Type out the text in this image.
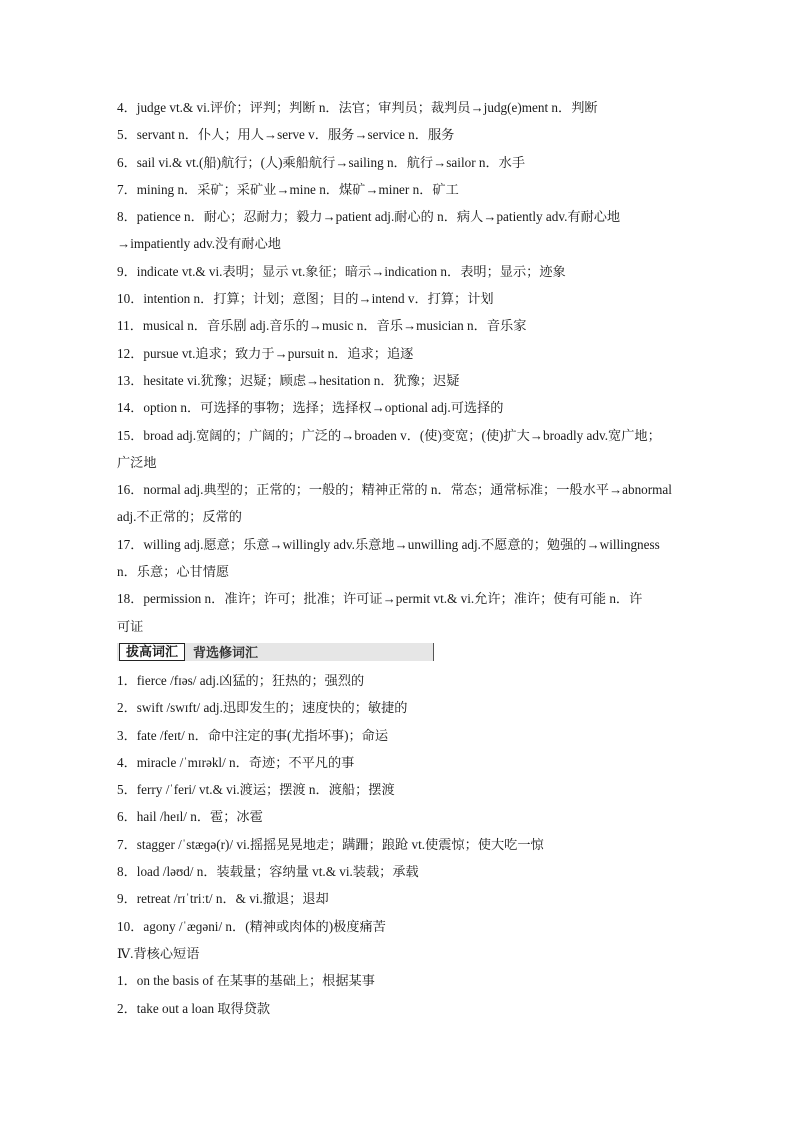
4．judge vt.& vi.评价；评判；判断 n．法官；审判员；裁判员→judg(e)ment n．判断
5．servant n．仆人；用人→serve v．服务→service n．服务
6．sail vi.& vt.(船)航行；(人)乘船航行→sailing n．航行→sailor n．水手
7．mining n．采矿；采矿业→mine n．煤矿→miner n．矿工
8．patience n．耐心；忍耐力；毅力→patient adj.耐心的 n．病人→patiently adv.有耐心地
→impatiently adv.没有耐心地
9．indicate vt.& vi.表明；显示 vt.象征；暗示→indication n．表明；显示；迹象
10．intention n．打算；计划；意图；目的→intend v．打算；计划
11．musical n．音乐剧 adj.音乐的→music n．音乐→musician n．音乐家
12．pursue vt.追求；致力于→pursuit n．追求；追逐
13．hesitate vi.犹豫；迟疑；顾虑→hesitation n．犹豫；迟疑
14．option n．可选择的事物；选择；选择权→optional adj.可选择的
15．broad adj.宽阔的；广阔的；广泛的→broaden v．(使)变宽；(使)扩大→broadly adv.宽广地；
广泛地
16．normal adj.典型的；正常的；一般的；精神正常的 n．常态；通常标准；一般水平→abnormal
adj.不正常的；反常的
17．willing adj.愿意；乐意→willingly adv.乐意地→unwilling adj.不愿意的；勉强的→willingness
n．乐意；心甘情愿
18．permission n．准许；许可；批准；许可证→permit vt.& vi.允许；准许；使有可能 n．许
可证
拔高词汇	背选修词汇
1．fierce /fɪəs/ adj.凶猛的；狂热的；强烈的
2．swift /swɪft/ adj.迅即发生的；速度快的；敏捷的
3．fate /feɪt/ n．命中注定的事(尤指坏事)；命运
4．miracle /ˈmɪrəkl/ n．奇迹；不平凡的事
5．ferry /ˈferi/ vt.& vi.渡运；摆渡 n．渡船；摆渡
6．hail /heɪl/ n．雹；冰雹
7．stagger /ˈstæɡə(r)/ vi.摇摇晃晃地走；蹒跚；踉跄 vt.使震惊；使大吃一惊
8．load /ləʊd/ n．装载量；容纳量 vt.& vi.装载；承载
9．retreat /rɪˈtriːt/ n．& vi.撤退；退却
10．agony /ˈæɡəni/ n．(精神或肉体的)极度痛苦
Ⅳ.背核心短语
1．on the basis of 在某事的基础上；根据某事
2．take out a loan 取得贷款
